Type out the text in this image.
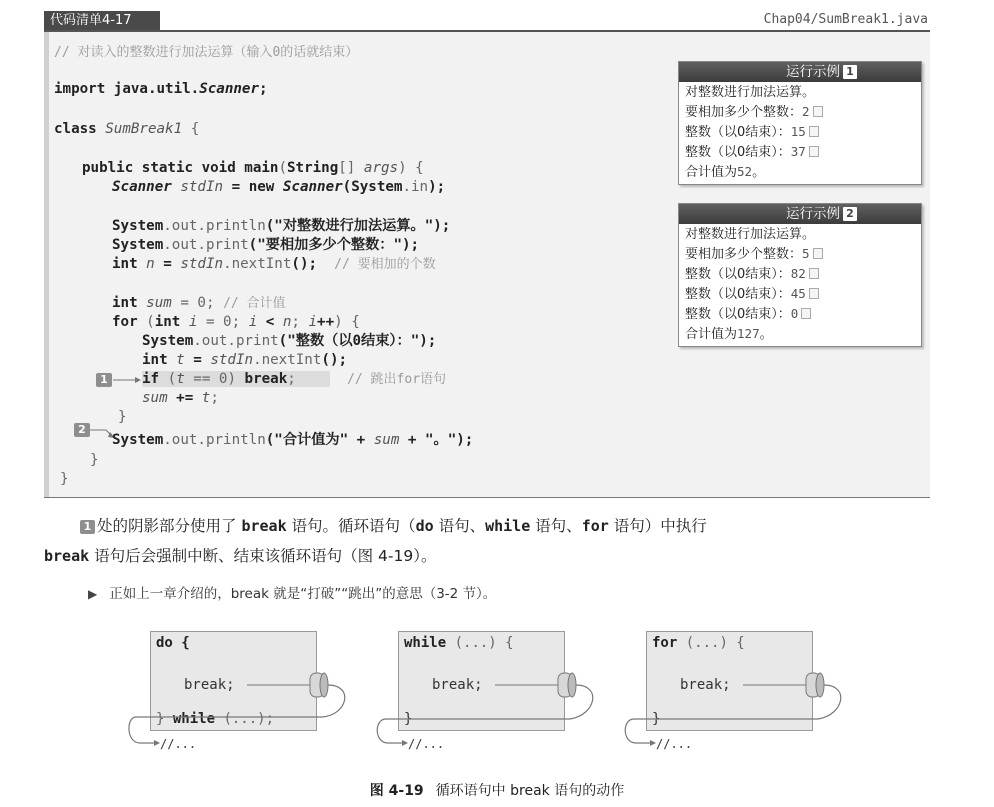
代码清单4-17	Chap04/SumBreak1.java
// 对读入的整数进行加法运算（输入0的话就结束）
import java.util.Scanner;
class SumBreak1 {
public static void main(String[] args) {
Scanner stdIn = new Scanner(System.in);
System.out.println("对整数进行加法运算。");
System.out.print("要相加多少个整数：");
int n = stdIn.nextInt(); // 要相加的个数
int sum = 0; // 合计值
for (int i = 0; i < n; i++) {
System.out.print("整数（以0结束）：");
int t = stdIn.nextInt();
1 if (t == 0) break;	// 跳出for语句
sum += t;
}
2
System.out.println("合计值为" + sum + "。");
}
}
运行示例 1
对整数进行加法运算。
要相加多少个整数：2
整数（以0结束）：15
整数（以0结束）：37
合计值为52。
运行示例 2
对整数进行加法运算。
要相加多少个整数：5
整数（以0结束）：82
整数（以0结束）：45
整数（以0结束）：0
合计值为127。
1 处的阴影部分使用了 break 语句。循环语句（do 语句、while 语句、for 语句）中执行
break 语句后会强制中断、结束该循环语句（图 4-19）。
▶ 正如上一章介绍的，break 就是“打破”“跳出”的意思（3-2 节）。
do {
break;
} while (...);
//...
while (...) {
break;
}
//...
for (...) {
break;
}
//...
图 4-19 循环语句中 break 语句的动作
